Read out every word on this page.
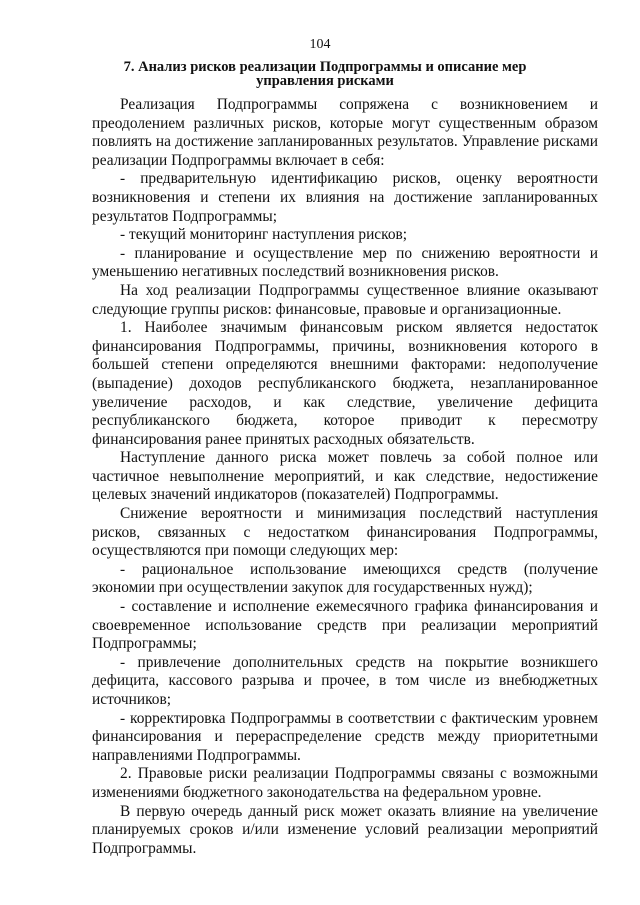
104
7. Анализ рисков реализации Подпрограммы и описание мер управления рисками

Реализация Подпрограммы сопряжена с возникновением и преодолением различных рисков, которые могут существенным образом повлиять на достижение запланированных результатов. Управление рисками реализации Подпрограммы включает в себя:

- предварительную идентификацию рисков, оценку вероятности возникновения и степени их влияния на достижение запланированных результатов Подпрограммы;

- текущий мониторинг наступления рисков;

- планирование и осуществление мер по снижению вероятности и уменьшению негативных последствий возникновения рисков.

На ход реализации Подпрограммы существенное влияние оказывают следующие группы рисков: финансовые, правовые и организационные.

1. Наиболее значимым финансовым риском является недостаток финансирования Подпрограммы, причины, возникновения которого в большей степени определяются внешними факторами: недополучение (выпадение) доходов республиканского бюджета, незапланированное увеличение расходов, и как следствие, увеличение дефицита республиканского бюджета, которое приводит к пересмотру финансирования ранее принятых расходных обязательств.

Наступление данного риска может повлечь за собой полное или частичное невыполнение мероприятий, и как следствие, недостижение целевых значений индикаторов (показателей) Подпрограммы.

Снижение вероятности и минимизация последствий наступления рисков, связанных с недостатком финансирования Подпрограммы, осуществляются при помощи следующих мер:

- рациональное использование имеющихся средств (получение экономии при осуществлении закупок для государственных нужд);

- составление и исполнение ежемесячного графика финансирования и своевременное использование средств при реализации мероприятий Подпрограммы;

- привлечение дополнительных средств на покрытие возникшего дефицита, кассового разрыва и прочее, в том числе из внебюджетных источников;

- корректировка Подпрограммы в соответствии с фактическим уровнем финансирования и перераспределение средств между приоритетными направлениями Подпрограммы.

2. Правовые риски реализации Подпрограммы связаны с возможными изменениями бюджетного законодательства на федеральном уровне.

В первую очередь данный риск может оказать влияние на увеличение планируемых сроков и/или изменение условий реализации мероприятий Подпрограммы.
